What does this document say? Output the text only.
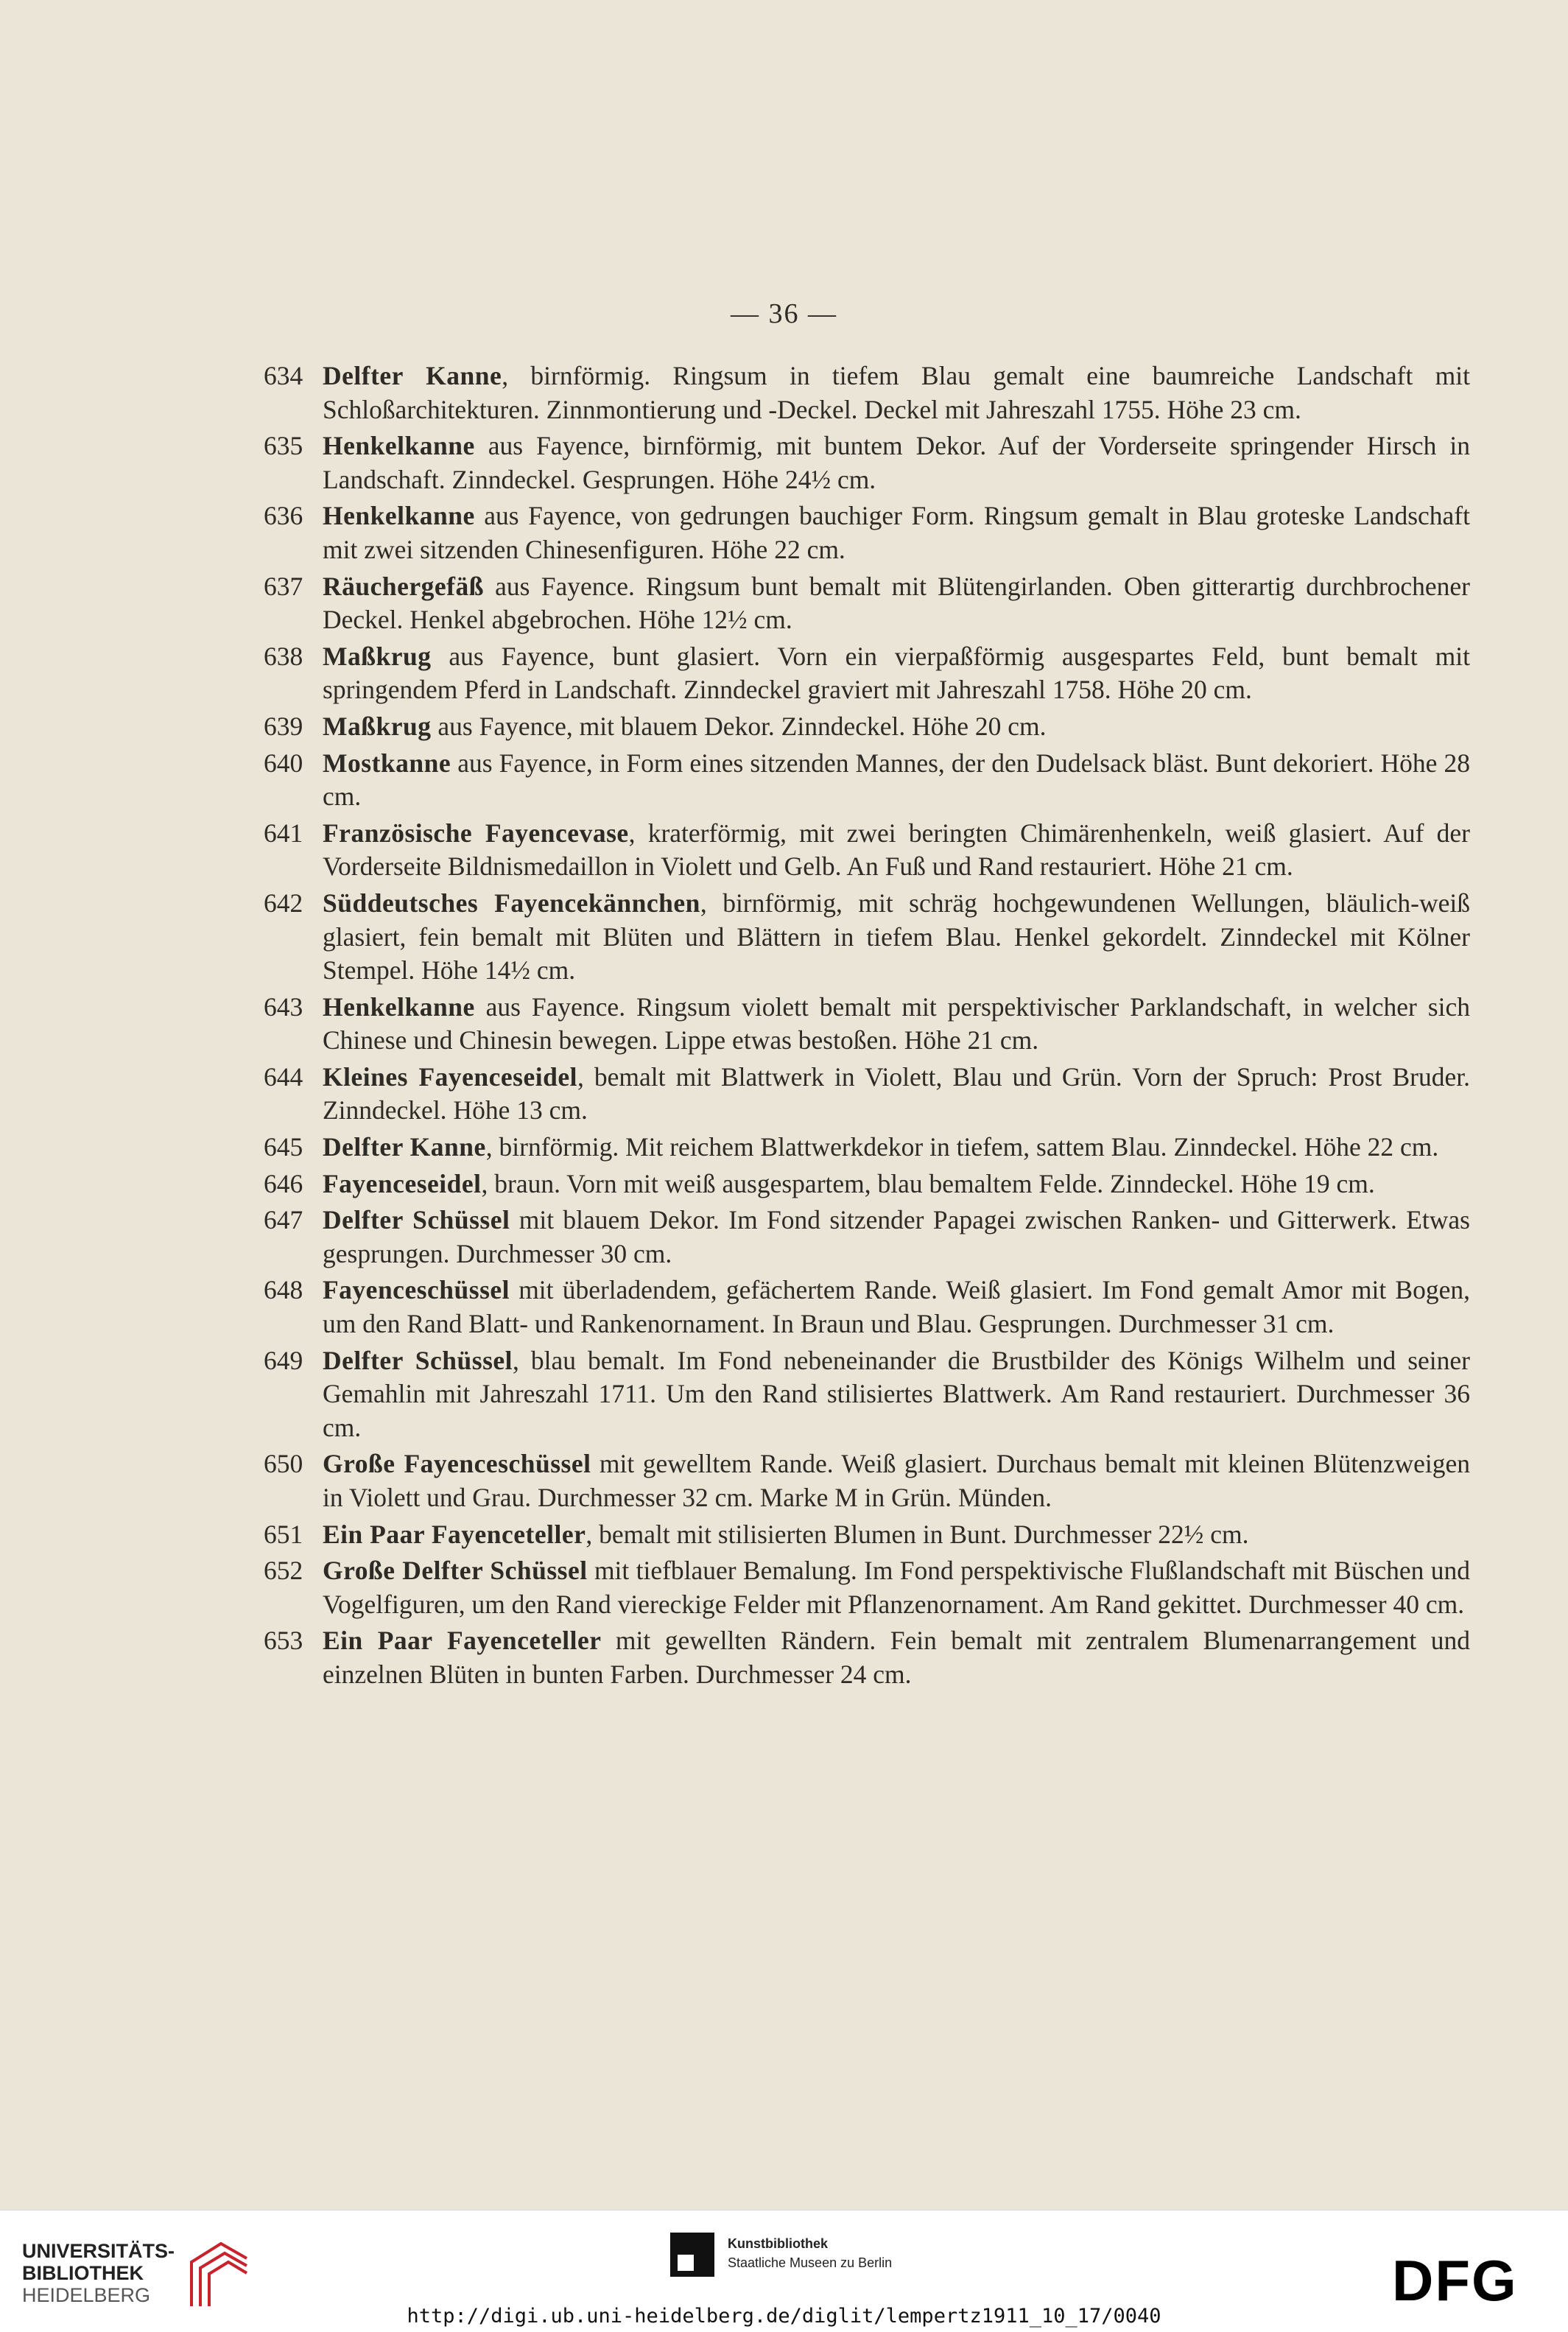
— 36 —
634 Delfter Kanne, birnförmig. Ringsum in tiefem Blau gemalt eine baumreiche Landschaft mit Schloßarchitekturen. Zinnmontierung und -Deckel. Deckel mit Jahreszahl 1755. Höhe 23 cm.
635 Henkelkanne aus Fayence, birnförmig, mit buntem Dekor. Auf der Vorderseite springender Hirsch in Landschaft. Zinndeckel. Gesprungen. Höhe 24½ cm.
636 Henkelkanne aus Fayence, von gedrungen bauchiger Form. Ringsum gemalt in Blau groteske Landschaft mit zwei sitzenden Chinesenfiguren. Höhe 22 cm.
637 Räuchergefäß aus Fayence. Ringsum bunt bemalt mit Blütengirlanden. Oben gitterartig durchbrochener Deckel. Henkel abgebrochen. Höhe 12½ cm.
638 Maßkrug aus Fayence, bunt glasiert. Vorn ein vierpaßförmig ausgespartes Feld, bunt bemalt mit springendem Pferd in Landschaft. Zinndeckel graviert mit Jahreszahl 1758. Höhe 20 cm.
639 Maßkrug aus Fayence, mit blauem Dekor. Zinndeckel. Höhe 20 cm.
640 Mostkanne aus Fayence, in Form eines sitzenden Mannes, der den Dudelsack bläst. Bunt dekoriert. Höhe 28 cm.
641 Französische Fayencevase, kraterförmig, mit zwei beringten Chimärenhenkeln, weiß glasiert. Auf der Vorderseite Bildnismedaillon in Violett und Gelb. An Fuß und Rand restauriert. Höhe 21 cm.
642 Süddeutsches Fayencekännchen, birnförmig, mit schräg hochgewundenen Wellungen, bläulich-weiß glasiert, fein bemalt mit Blüten und Blättern in tiefem Blau. Henkel gekordelt. Zinndeckel mit Kölner Stempel. Höhe 14½ cm.
643 Henkelkanne aus Fayence. Ringsum violett bemalt mit perspektivischer Parklandschaft, in welcher sich Chinese und Chinesin bewegen. Lippe etwas bestoßen. Höhe 21 cm.
644 Kleines Fayenceseidel, bemalt mit Blattwerk in Violett, Blau und Grün. Vorn der Spruch: Prost Bruder. Zinndeckel. Höhe 13 cm.
645 Delfter Kanne, birnförmig. Mit reichem Blattwerkdekor in tiefem, sattem Blau. Zinndeckel. Höhe 22 cm.
646 Fayenceseidel, braun. Vorn mit weiß ausgespartem, blau bemaltem Felde. Zinndeckel. Höhe 19 cm.
647 Delfter Schüssel mit blauem Dekor. Im Fond sitzender Papagei zwischen Ranken- und Gitterwerk. Etwas gesprungen. Durchmesser 30 cm.
648 Fayenceschüssel mit überladendem, gefächertem Rande. Weiß glasiert. Im Fond gemalt Amor mit Bogen, um den Rand Blatt- und Rankenornament. In Braun und Blau. Gesprungen. Durchmesser 31 cm.
649 Delfter Schüssel, blau bemalt. Im Fond nebeneinander die Brustbilder des Königs Wilhelm und seiner Gemahlin mit Jahreszahl 1711. Um den Rand stilisiertes Blattwerk. Am Rand restauriert. Durchmesser 36 cm.
650 Große Fayenceschüssel mit gewelltem Rande. Weiß glasiert. Durchaus bemalt mit kleinen Blütenzweigen in Violett und Grau. Durchmesser 32 cm. Marke M in Grün. Münden.
651 Ein Paar Fayenceteller, bemalt mit stilisierten Blumen in Bunt. Durchmesser 22½ cm.
652 Große Delfter Schüssel mit tiefblauer Bemalung. Im Fond perspektivische Flußlandschaft mit Büschen und Vogelfiguren, um den Rand viereckige Felder mit Pflanzenornament. Am Rand gekittet. Durchmesser 40 cm.
653 Ein Paar Fayenceteller mit gewellten Rändern. Fein bemalt mit zentralem Blumenarrangement und einzelnen Blüten in bunten Farben. Durchmesser 24 cm.
UNIVERSITÄTS-
BIBLIOTHEK
HEIDELBERG
Kunstbibliothek
Staatliche Museen zu Berlin	DFG
http://digi.ub.uni-heidelberg.de/diglit/lempertz1911_10_17/0040
